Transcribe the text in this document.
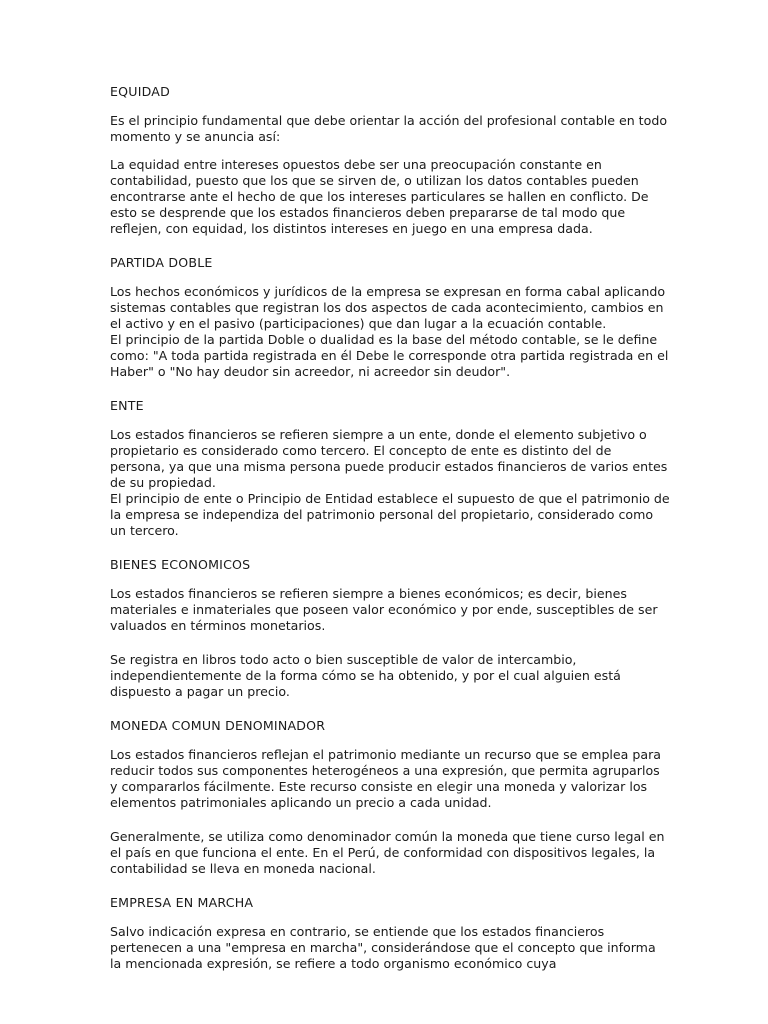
EQUIDAD
Es el principio fundamental que debe orientar la acción del profesional contable en todo momento y se anuncia así:
La equidad entre intereses opuestos debe ser una preocupación constante en contabilidad, puesto que los que se sirven de, o utilizan los datos contables pueden encontrarse ante el hecho de que los intereses particulares se hallen en conflicto. De esto se desprende que los estados financieros deben prepararse de tal modo que reflejen, con equidad, los distintos intereses en juego en una empresa dada.
PARTIDA DOBLE
Los hechos económicos y jurídicos de la empresa se expresan en forma cabal aplicando sistemas contables que registran los dos aspectos de cada acontecimiento, cambios en el activo y en el pasivo (participaciones) que dan lugar a la ecuación contable.
El principio de la partida Doble o dualidad es la base del método contable, se le define como: "A toda partida registrada en él Debe le corresponde otra partida registrada en el Haber" o "No hay deudor sin acreedor, ni acreedor sin deudor".
ENTE
Los estados financieros se refieren siempre a un ente, donde el elemento subjetivo o propietario es considerado como tercero. El concepto de ente es distinto del de persona, ya que una misma persona puede producir estados financieros de varios entes de su propiedad.
El principio de ente o Principio de Entidad establece el supuesto de que el patrimonio de la empresa se independiza del patrimonio personal del propietario, considerado como un tercero.
BIENES ECONOMICOS
Los estados financieros se refieren siempre a bienes económicos; es decir, bienes materiales e inmateriales que poseen valor económico y por ende, susceptibles de ser valuados en términos monetarios.
Se registra en libros todo acto o bien susceptible de valor de intercambio, independientemente de la forma cómo se ha obtenido, y por el cual alguien está dispuesto a pagar un precio.
MONEDA COMUN DENOMINADOR
Los estados financieros reflejan el patrimonio mediante un recurso que se emplea para reducir todos sus componentes heterogéneos a una expresión, que permita agruparlos y compararlos fácilmente. Este recurso consiste en elegir una moneda y valorizar los elementos patrimoniales aplicando un precio a cada unidad.
Generalmente, se utiliza como denominador común la moneda que tiene curso legal en el país en que funciona el ente. En el Perú, de conformidad con dispositivos legales, la contabilidad se lleva en moneda nacional.
EMPRESA EN MARCHA
Salvo indicación expresa en contrario, se entiende que los estados financieros pertenecen a una "empresa en marcha", considerándose que el concepto que informa la mencionada expresión, se refiere a todo organismo económico cuya
